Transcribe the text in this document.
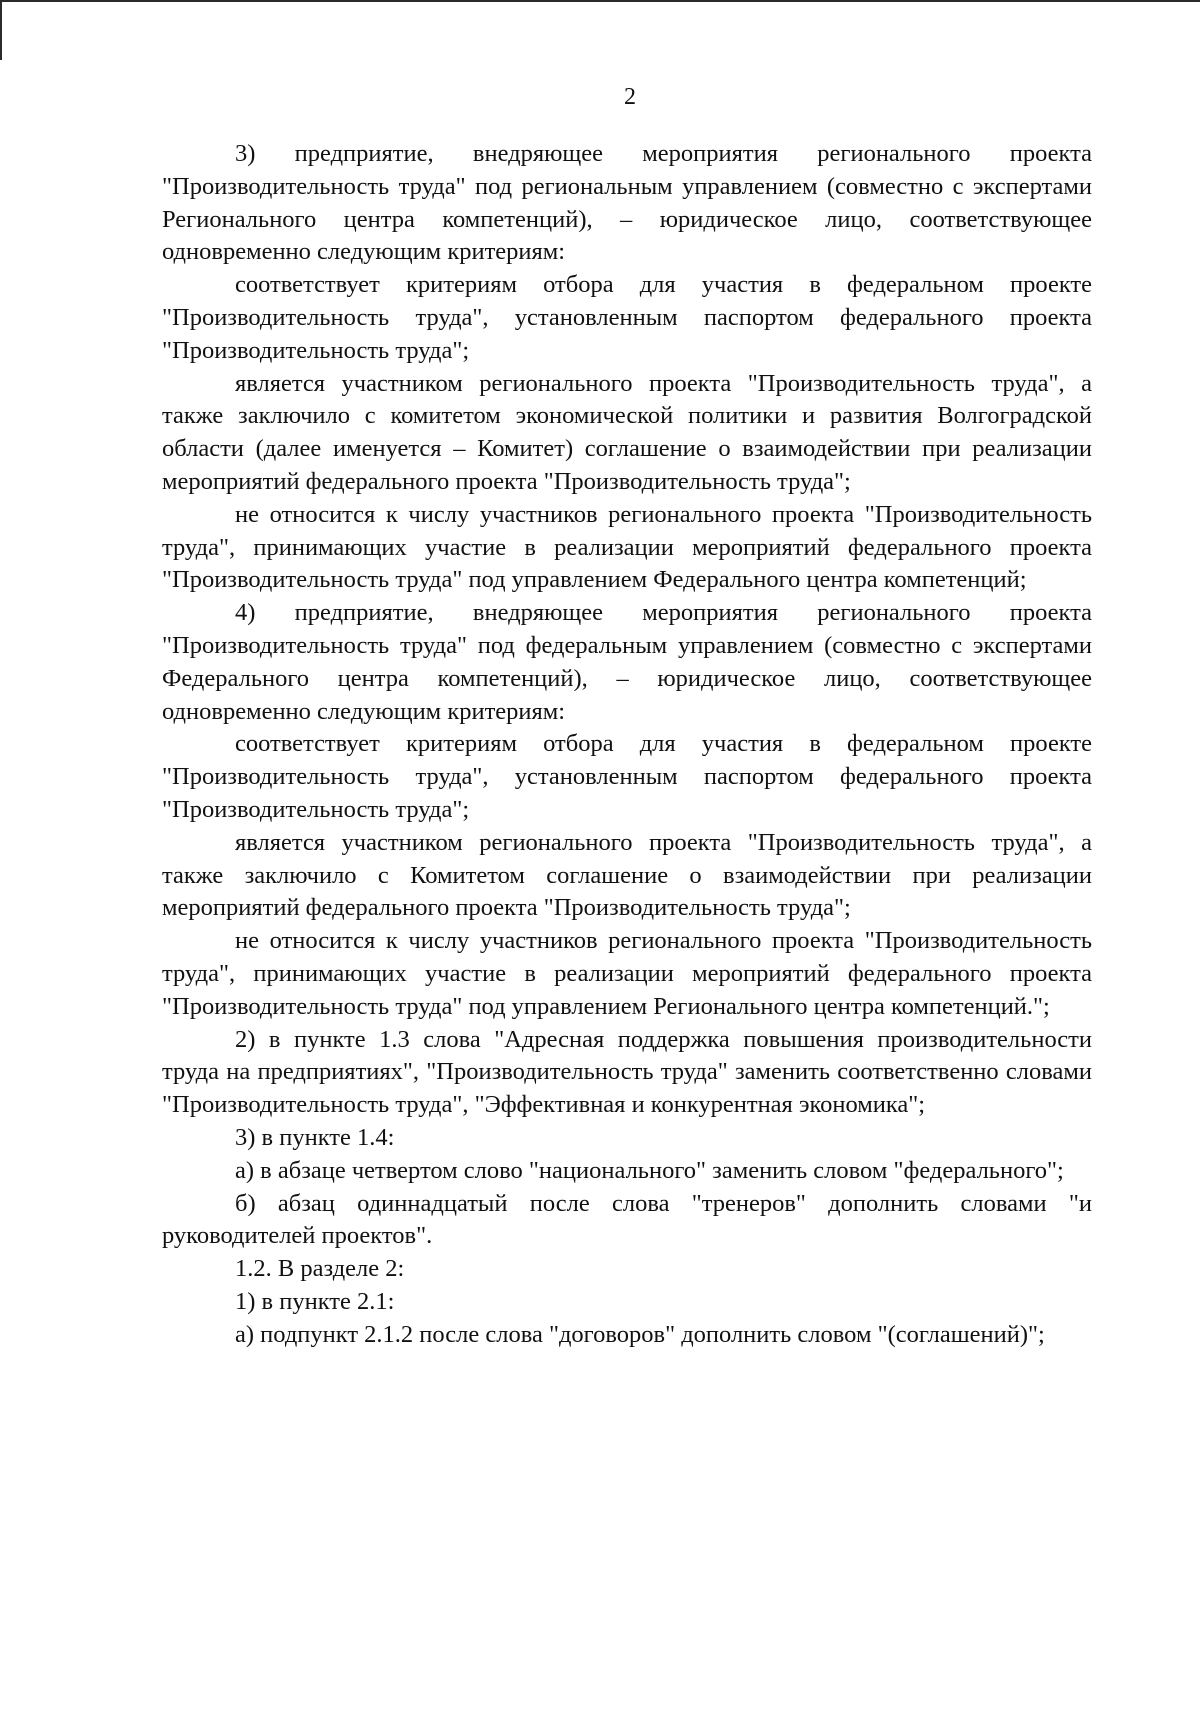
2

3) предприятие, внедряющее мероприятия регионального проекта "Производительность труда" под региональным управлением (совместно с экспертами Регионального центра компетенций), – юридическое лицо, соответствующее одновременно следующим критериям:

соответствует критериям отбора для участия в федеральном проекте "Производительность труда", установленным паспортом федерального проекта "Производительность труда";

является участником регионального проекта "Производительность труда", а также заключило с комитетом экономической политики и развития Волгоградской области (далее именуется – Комитет) соглашение о взаимодействии при реализации мероприятий федерального проекта "Производительность труда";

не относится к числу участников регионального проекта "Производительность труда", принимающих участие в реализации мероприятий федерального проекта "Производительность труда" под управлением Федерального центра компетенций;

4) предприятие, внедряющее мероприятия регионального проекта "Производительность труда" под федеральным управлением (совместно с экспертами Федерального центра компетенций), – юридическое лицо, соответствующее одновременно следующим критериям:

соответствует критериям отбора для участия в федеральном проекте "Производительность труда", установленным паспортом федерального проекта "Производительность труда";

является участником регионального проекта "Производительность труда", а также заключило с Комитетом соглашение о взаимодействии при реализации мероприятий федерального проекта "Производительность труда";

не относится к числу участников регионального проекта "Производительность труда", принимающих участие в реализации мероприятий федерального проекта "Производительность труда" под управлением Регионального центра компетенций.";

2) в пункте 1.3 слова "Адресная поддержка повышения производительности труда на предприятиях", "Производительность труда" заменить соответственно словами "Производительность труда", "Эффективная и конкурентная экономика";

3) в пункте 1.4:

а) в абзаце четвертом слово "национального" заменить словом "федерального";

б) абзац одиннадцатый после слова "тренеров" дополнить словами "и руководителей проектов".

1.2. В разделе 2:

1) в пункте 2.1:

а) подпункт 2.1.2 после слова "договоров" дополнить словом "(соглашений)";
